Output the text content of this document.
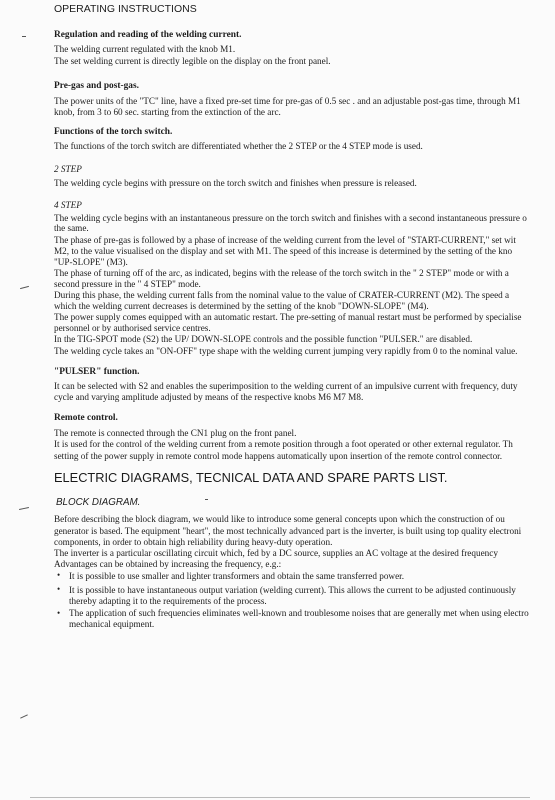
OPERATING INSTRUCTIONS
Regulation and reading of the welding current.
The welding current regulated with the knob M1.
The set welding current is directly legible on the display on the front panel.
Pre-gas and post-gas.
The power units of the "TC" line, have a fixed pre-set time for pre-gas of 0.5 sec . and an adjustable post-gas time, through M1
knob, from 3 to 60 sec. starting from the extinction of the arc.
Functions of the torch switch.
The functions of the torch switch are differentiated whether the 2 STEP or the 4 STEP mode is used.
2 STEP
The welding cycle begins with pressure on the torch switch and finishes when pressure is released.
4 STEP
The welding cycle begins with an instantaneous pressure on the torch switch and finishes with a second instantaneous pressure o
the same.
The phase of pre-gas is followed by a phase of increase of the welding current from the level of "START-CURRENT," set wit
M2, to the value visualised on the display and set with M1. The speed of this increase is determined by the setting of the kno
"UP-SLOPE" (M3).
The phase of turning off of the arc, as indicated, begins with the release of the torch switch in the " 2 STEP" mode or with a
second pressure in the " 4 STEP" mode.
During this phase, the welding current falls from the nominal value to the value of CRATER-CURRENT (M2). The speed a
which the welding current decreases is determined by the setting of the knob "DOWN-SLOPE" (M4).
The power supply comes equipped with an automatic restart. The pre-setting of manual restart must be performed by specialise
personnel or by authorised service centres.
In the TIG-SPOT mode (S2) the UP/ DOWN-SLOPE controls and the possible function "PULSER." are disabled.
The welding cycle takes an "ON-OFF" type shape with the welding current jumping very rapidly from 0 to the nominal value.
"PULSER" function.
It can be selected with S2 and enables the superimposition to the welding current of an impulsive current with frequency, duty
cycle and varying amplitude adjusted by means of the respective knobs M6 M7 M8.
Remote control.
The remote is connected through the CN1 plug on the front panel.
It is used for the control of the welding current from a remote position through a foot operated or other external regulator. Th
setting of the power supply in remote control mode happens automatically upon insertion of the remote control connector.
ELECTRIC DIAGRAMS, TECNICAL DATA AND SPARE PARTS LIST.
BLOCK DIAGRAM.
Before describing the block diagram, we would like to introduce some general concepts upon which the construction of ou
generator is based. The equipment "heart", the most technically advanced part is the inverter, is built using top quality electroni
components, in order to obtain high reliability during heavy-duty operation.
The inverter is a particular oscillating circuit which, fed by a DC source, supplies an AC voltage at the desired frequency
Advantages can be obtained by increasing the frequency, e.g.:
• It is possible to use smaller and lighter transformers and obtain the same transferred power.
• It is possible to have instantaneous output variation (welding current). This allows the current to be adjusted continuously
thereby adapting it to the requirements of the process.
• The application of such frequencies eliminates well-known and troublesome noises that are generally met when using electro
mechanical equipment.
